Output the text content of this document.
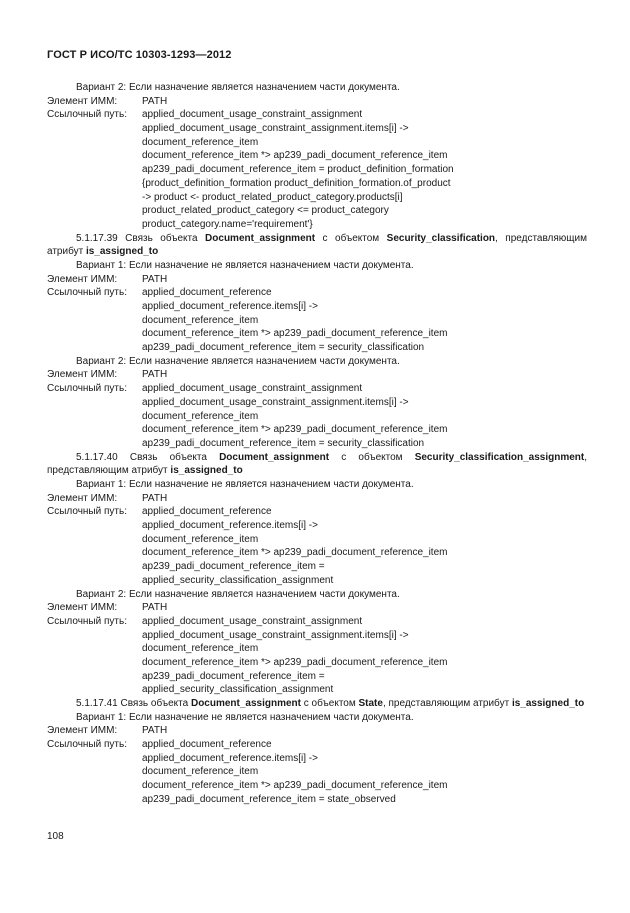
ГОСТ Р ИСО/ТС 10303-1293—2012
Вариант 2: Если назначение является назначением части документа.
Элемент ИММ: PATH
Ссылочный путь: applied_document_usage_constraint_assignment
applied_document_usage_constraint_assignment.items[i] ->
document_reference_item
document_reference_item *> ap239_padi_document_reference_item
ap239_padi_document_reference_item = product_definition_formation
{product_definition_formation product_definition_formation.of_product
-> product <- product_related_product_category.products[i]
product_related_product_category <= product_category
product_category.name='requirement'}
5.1.17.39 Связь объекта Document_assignment с объектом Security_classification, представляющим атрибут is_assigned_to
Вариант 1: Если назначение не является назначением части документа.
Элемент ИММ: PATH
Ссылочный путь: applied_document_reference
applied_document_reference.items[i] ->
document_reference_item
document_reference_item *> ap239_padi_document_reference_item
ap239_padi_document_reference_item = security_classification
Вариант 2: Если назначение является назначением части документа.
Элемент ИММ: PATH
Ссылочный путь: applied_document_usage_constraint_assignment
applied_document_usage_constraint_assignment.items[i] ->
document_reference_item
document_reference_item *> ap239_padi_document_reference_item
ap239_padi_document_reference_item = security_classification
5.1.17.40 Связь объекта Document_assignment с объектом Security_classification_assignment, представляющим атрибут is_assigned_to
Вариант 1: Если назначение не является назначением части документа.
Элемент ИММ: PATH
Ссылочный путь: applied_document_reference
applied_document_reference.items[i] ->
document_reference_item
document_reference_item *> ap239_padi_document_reference_item
ap239_padi_document_reference_item =
applied_security_classification_assignment
Вариант 2: Если назначение является назначением части документа.
Элемент ИММ: PATH
Ссылочный путь: applied_document_usage_constraint_assignment
applied_document_usage_constraint_assignment.items[i] ->
document_reference_item
document_reference_item *> ap239_padi_document_reference_item
ap239_padi_document_reference_item =
applied_security_classification_assignment
5.1.17.41 Связь объекта Document_assignment с объектом State, представляющим атрибут is_assigned_to
Вариант 1: Если назначение не является назначением части документа.
Элемент ИММ: PATH
Ссылочный путь: applied_document_reference
applied_document_reference.items[i] ->
document_reference_item
document_reference_item *> ap239_padi_document_reference_item
ap239_padi_document_reference_item = state_observed
108
